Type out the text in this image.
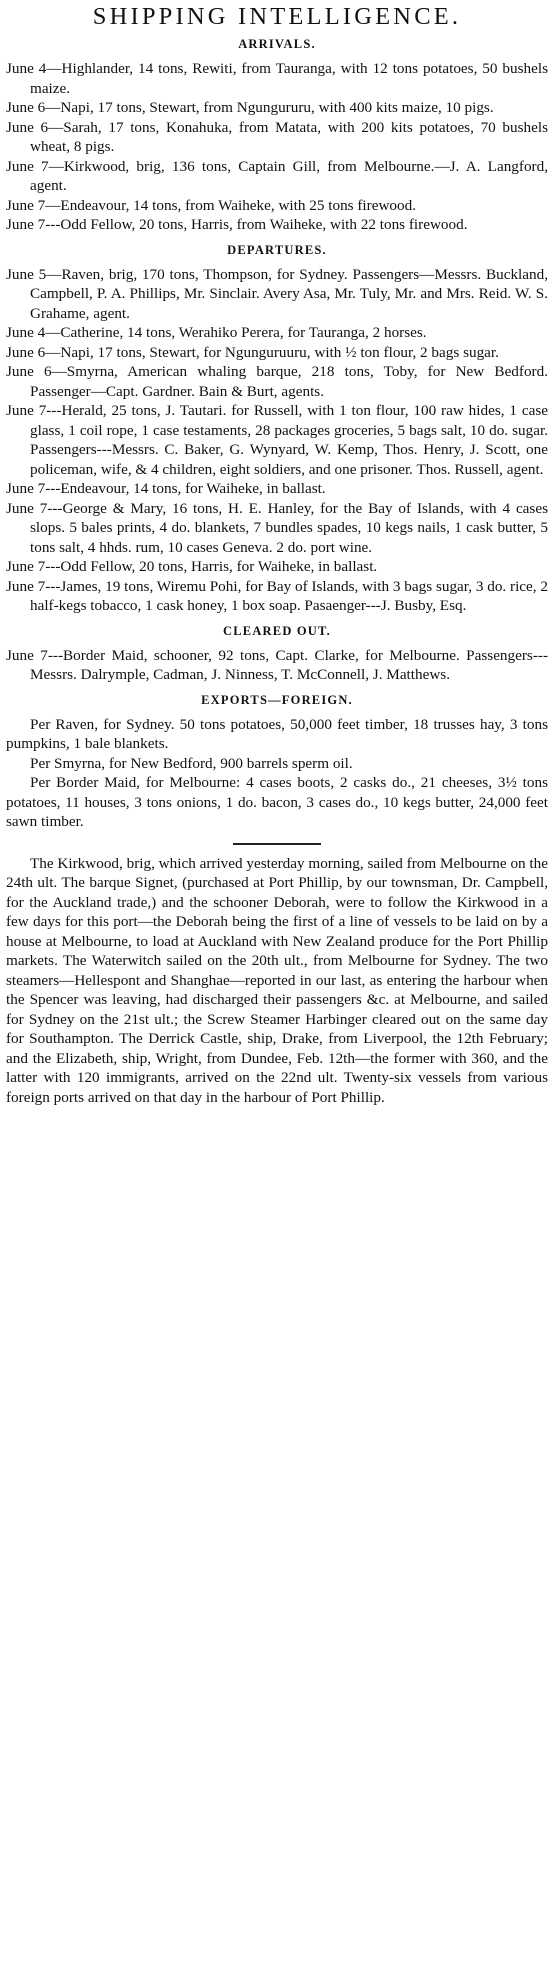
SHIPPING INTELLIGENCE.
ARRIVALS.

June 4—Highlander, 14 tons, Rewiti, from Tauranga, with 12 tons potatoes, 50 bushels maize.

June 6—Napi, 17 tons, Stewart, from Ngungururu, with 400 kits maize, 10 pigs.

June 6—Sarah, 17 tons, Konahuka, from Matata, with 200 kits potatoes, 70 bushels wheat, 8 pigs.

June 7—Kirkwood, brig, 136 tons, Captain Gill, from Melbourne.—J. A. Langford, agent.

June 7—Endeavour, 14 tons, from Waiheke, with 25 tons firewood.

June 7---Odd Fellow, 20 tons, Harris, from Waiheke, with 22 tons firewood.

DEPARTURES.

June 5—Raven, brig, 170 tons, Thompson, for Sydney. Passengers—Messrs. Buckland, Campbell, P. A. Phillips, Mr. Sinclair. Avery Asa, Mr. Tuly, Mr. and Mrs. Reid. W. S. Grahame, agent.

June 4—Catherine, 14 tons, Werahiko Perera, for Tauranga, 2 horses.

June 6—Napi, 17 tons, Stewart, for Ngunguruuru, with ½ ton flour, 2 bags sugar.

June 6—Smyrna, American whaling barque, 218 tons, Toby, for New Bedford. Passenger—Capt. Gardner. Bain & Burt, agents.

June 7---Herald, 25 tons, J. Tautari. for Russell, with 1 ton flour, 100 raw hides, 1 case glass, 1 coil rope, 1 case testaments, 28 packages groceries, 5 bags salt, 10 do. sugar. Passengers---Messrs. C. Baker, G. Wynyard, W. Kemp, Thos. Henry, J. Scott, one policeman, wife, & 4 children, eight soldiers, and one prisoner. Thos. Russell, agent.

June 7---Endeavour, 14 tons, for Waiheke, in ballast.

June 7---George & Mary, 16 tons, H. E. Hanley, for the Bay of Islands, with 4 cases slops. 5 bales prints, 4 do. blankets, 7 bundles spades, 10 kegs nails, 1 cask butter, 5 tons salt, 4 hhds. rum, 10 cases Geneva. 2 do. port wine.

June 7---Odd Fellow, 20 tons, Harris, for Waiheke, in ballast.

June 7---James, 19 tons, Wiremu Pohi, for Bay of Islands, with 3 bags sugar, 3 do. rice, 2 half-kegs tobacco, 1 cask honey, 1 box soap. Pasaenger---J. Busby, Esq.

CLEARED OUT.

June 7---Border Maid, schooner, 92 tons, Capt. Clarke, for Melbourne. Passengers---Messrs. Dalrymple, Cadman, J. Ninness, T. McConnell, J. Matthews.

EXPORTS—FOREIGN.

Per Raven, for Sydney. 50 tons potatoes, 50,000 feet timber, 18 trusses hay, 3 tons pumpkins, 1 bale blankets.

Per Smyrna, for New Bedford, 900 barrels sperm oil.

Per Border Maid, for Melbourne: 4 cases boots, 2 casks do., 21 cheeses, 3½ tons potatoes, 11 houses, 3 tons onions, 1 do. bacon, 3 cases do., 10 kegs butter, 24,000 feet sawn timber.

The Kirkwood, brig, which arrived yesterday morning, sailed from Melbourne on the 24th ult. The barque Signet, (purchased at Port Phillip, by our townsman, Dr. Campbell, for the Auckland trade,) and the schooner Deborah, were to follow the Kirkwood in a few days for this port—the Deborah being the first of a line of vessels to be laid on by a house at Melbourne, to load at Auckland with New Zealand produce for the Port Phillip markets. The Waterwitch sailed on the 20th ult., from Melbourne for Sydney. The two steamers—Hellespont and Shanghae—reported in our last, as entering the harbour when the Spencer was leaving, had discharged their passengers &c. at Melbourne, and sailed for Sydney on the 21st ult.; the Screw Steamer Harbinger cleared out on the same day for Southampton. The Derrick Castle, ship, Drake, from Liverpool, the 12th February; and the Elizabeth, ship, Wright, from Dundee, Feb. 12th—the former with 360, and the latter with 120 immigrants, arrived on the 22nd ult. Twenty-six vessels from various foreign ports arrived on that day in the harbour of Port Phillip.
